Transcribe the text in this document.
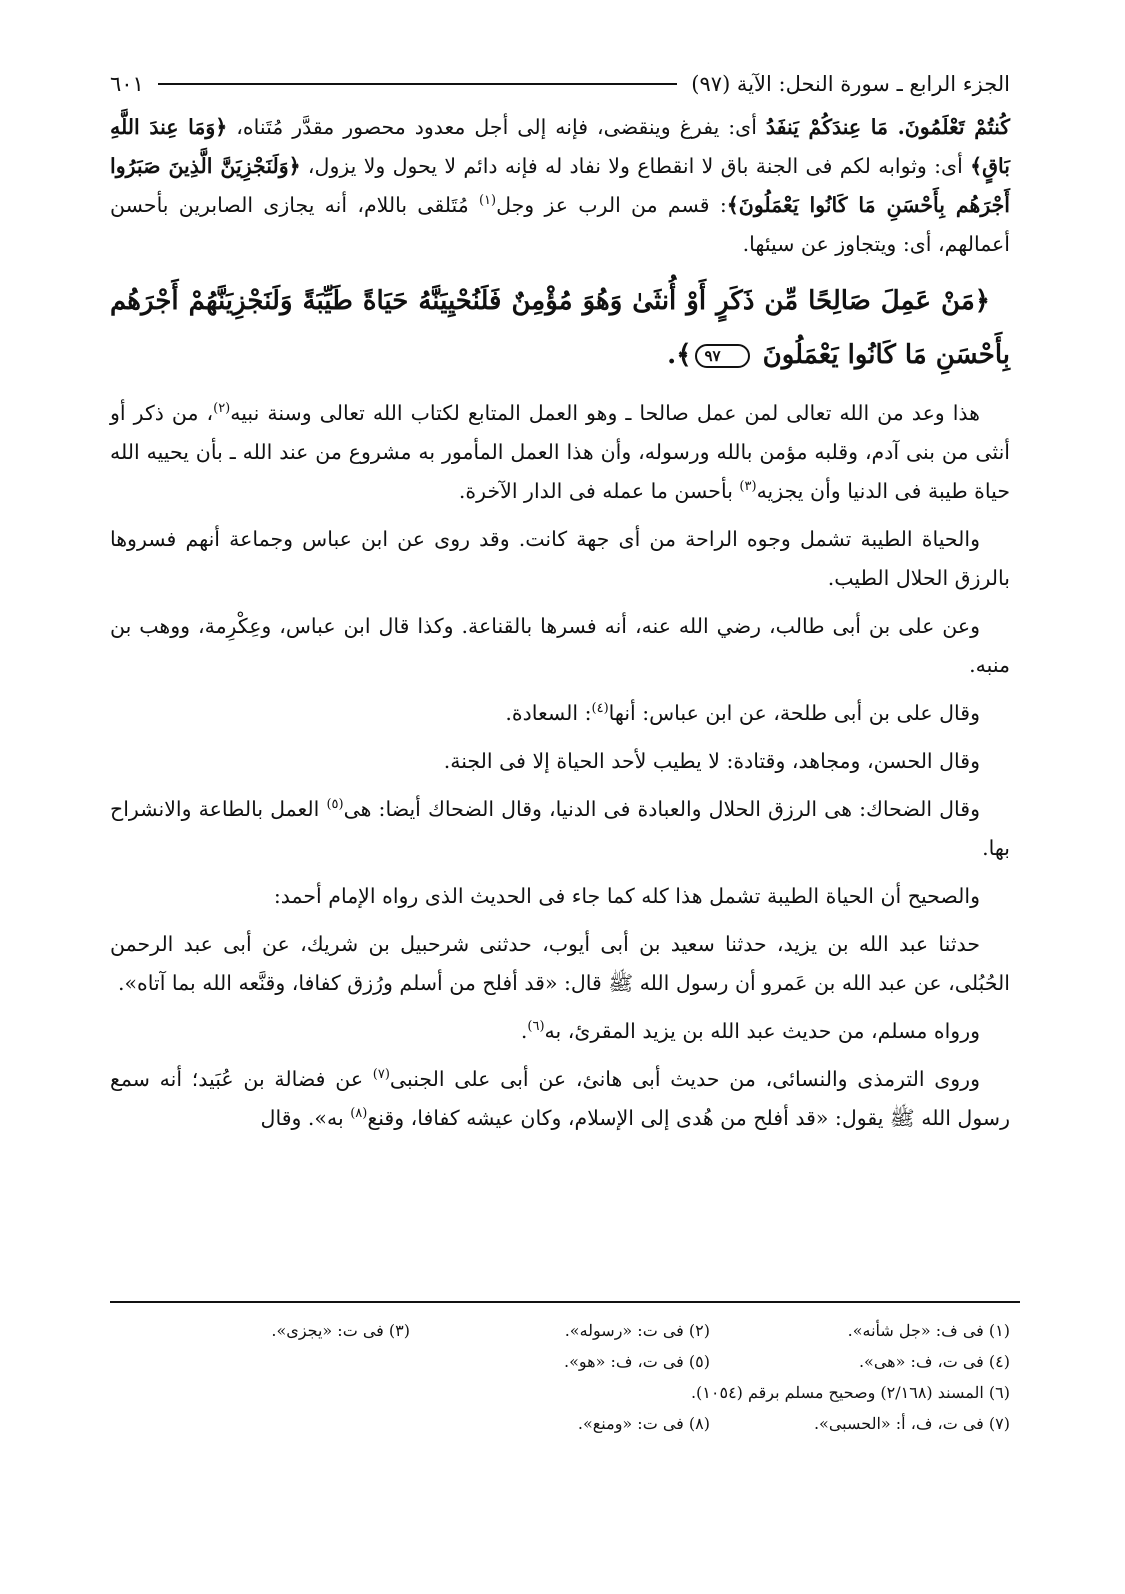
الجزء الرابع ـ سورة النحل: الآية (٩٧)
٦٠١

كُنتُمْ تَعْلَمُونَ. مَا عِندَكُمْ يَنفَدُ أى: يفرغ وينقضى، فإنه إلى أجل معدود محصور مقدَّر مُتَناه، ﴿وَمَا عِندَ اللَّهِ بَاقٍ﴾ أى: وثوابه لكم فى الجنة باق لا انقطاع ولا نفاد له فإنه دائم لا يحول ولا يزول، ﴿وَلَنَجْزِيَنَّ الَّذِينَ صَبَرُوا أَجْرَهُم بِأَحْسَنِ مَا كَانُوا يَعْمَلُونَ﴾: قسم من الرب عز وجل$^{(١)}$ مُتَلقى باللام، أنه يجازى الصابرين بأحسن أعمالهم، أى: ويتجاوز عن سيئها.

﴿مَنْ عَمِلَ صَالِحًا مِّن ذَكَرٍ أَوْ أُنثَىٰ وَهُوَ مُؤْمِنٌ فَلَنُحْيِيَنَّهُ حَيَاةً طَيِّبَةً وَلَنَجْزِيَنَّهُمْ أَجْرَهُم بِأَحْسَنِ مَا كَانُوا يَعْمَلُونَ ٩٧﴾.

هذا وعد من الله تعالى لمن عمل صالحا ـ وهو العمل المتابع لكتاب الله تعالى وسنة نبيه$^{(٢)}$، من ذكر أو أنثى من بنى آدم، وقلبه مؤمن بالله ورسوله، وأن هذا العمل المأمور به مشروع من عند الله ـ بأن يحييه الله حياة طيبة فى الدنيا وأن يجزيه$^{(٣)}$ بأحسن ما عمله فى الدار الآخرة.

والحياة الطيبة تشمل وجوه الراحة من أى جهة كانت. وقد روى عن ابن عباس وجماعة أنهم فسروها بالرزق الحلال الطيب.

وعن على بن أبى طالب، رضي الله عنه، أنه فسرها بالقناعة. وكذا قال ابن عباس، وعِكْرِمة، ووهب بن منبه.

وقال على بن أبى طلحة، عن ابن عباس: أنها$^{(٤)}$: السعادة.

وقال الحسن، ومجاهد، وقتادة: لا يطيب لأحد الحياة إلا فى الجنة.

وقال الضحاك: هى الرزق الحلال والعبادة فى الدنيا، وقال الضحاك أيضا: هى$^{(٥)}$ العمل بالطاعة والانشراح بها.

والصحيح أن الحياة الطيبة تشمل هذا كله كما جاء فى الحديث الذى رواه الإمام أحمد:

حدثنا عبد الله بن يزيد، حدثنا سعيد بن أبى أيوب، حدثنى شرحبيل بن شريك، عن أبى عبد الرحمن الحُبُلى، عن عبد الله بن عَمرو أن رسول الله ﷺ قال: «قد أفلح من أسلم ورُزق كفافا، وقنَّعه الله بما آتاه».

ورواه مسلم، من حديث عبد الله بن يزيد المقرئ، به$^{(٦)}$.

وروى الترمذى والنسائى، من حديث أبى هانئ، عن أبى على الجنبى$^{(٧)}$ عن فضالة بن عُبَيد؛ أنه سمع رسول الله ﷺ يقول: «قد أفلح من هُدى إلى الإسلام، وكان عيشه كفافا، وقنع$^{(٨)}$ به». وقال

(١) فى ف: «جل شأنه».
(٢) فى ت: «رسوله».
(٣) فى ت: «يجزى».
(٤) فى ت، ف: «هى».
(٥) فى ت، ف: «هو».
(٦) المسند (٢/١٦٨) وصحيح مسلم برقم (١٠٥٤).
(٧) فى ت، ف، أ: «الحسبى».
(٨) فى ت: «ومنع».
